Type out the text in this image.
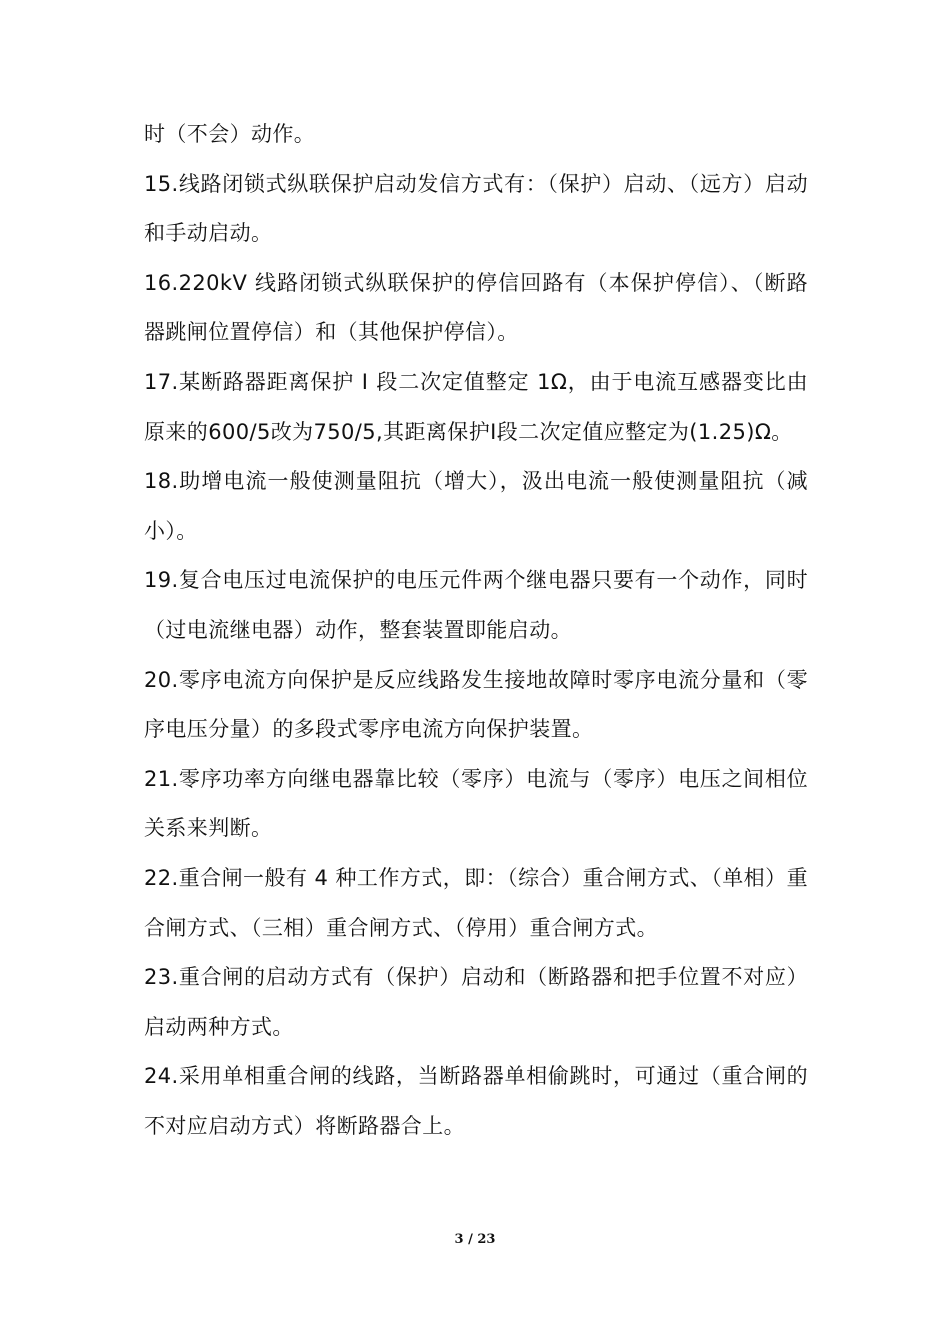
时（不会）动作。

15.线路闭锁式纵联保护启动发信方式有：（保护）启动、（远方）启动和手动启动。

16.220kV 线路闭锁式纵联保护的停信回路有（本保护停信）、（断路器跳闸位置停信）和（其他保护停信）。

17.某断路器距离保护 Ⅰ 段二次定值整定 1Ω，由于电流互感器变比由原来的600/5改为750/5,其距离保护Ⅰ段二次定值应整定为(1.25)Ω。

18.助增电流一般使测量阻抗（增大），汲出电流一般使测量阻抗（减小）。

19.复合电压过电流保护的电压元件两个继电器只要有一个动作，同时（过电流继电器）动作，整套装置即能启动。

20.零序电流方向保护是反应线路发生接地故障时零序电流分量和（零序电压分量）的多段式零序电流方向保护装置。

21.零序功率方向继电器靠比较（零序）电流与（零序）电压之间相位关系来判断。

22.重合闸一般有 4 种工作方式，即：（综合）重合闸方式、（单相）重合闸方式、（三相）重合闸方式、（停用）重合闸方式。

23.重合闸的启动方式有（保护）启动和（断路器和把手位置不对应）启动两种方式。

24.采用单相重合闸的线路，当断路器单相偷跳时，可通过（重合闸的不对应启动方式）将断路器合上。

3 / 23
